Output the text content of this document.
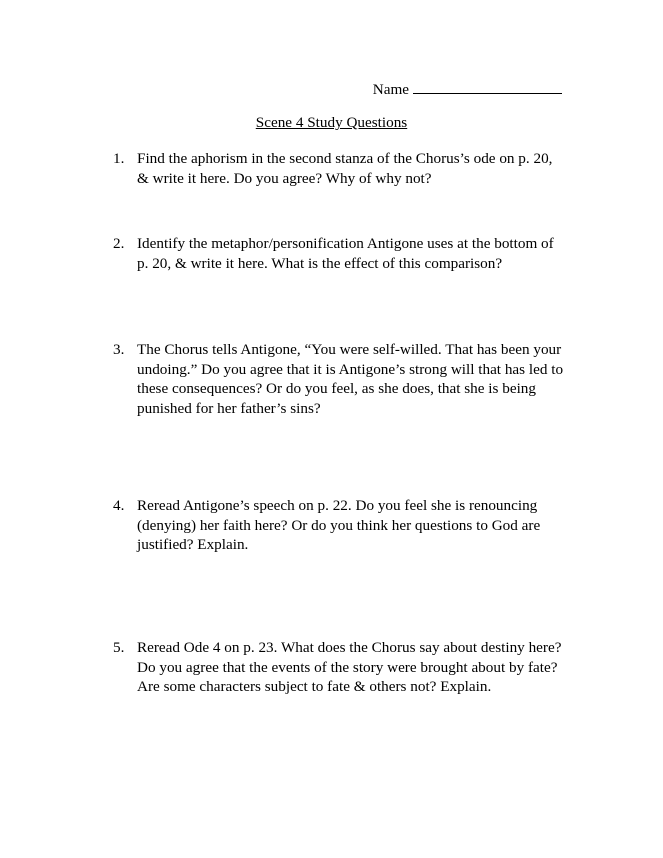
Name
Scene 4 Study Questions
1. Find the aphorism in the second stanza of the Chorus’s ode on p. 20,
& write it here. Do you agree? Why of why not?
2. Identify the metaphor/personification Antigone uses at the bottom of
p. 20, & write it here. What is the effect of this comparison?
3. The Chorus tells Antigone, “You were self-willed. That has been your
undoing.” Do you agree that it is Antigone’s strong will that has led to
these consequences? Or do you feel, as she does, that she is being
punished for her father’s sins?
4. Reread Antigone’s speech on p. 22. Do you feel she is renouncing
(denying) her faith here? Or do you think her questions to God are
justified? Explain.
5. Reread Ode 4 on p. 23. What does the Chorus say about destiny here?
Do you agree that the events of the story were brought about by fate?
Are some characters subject to fate & others not? Explain.
